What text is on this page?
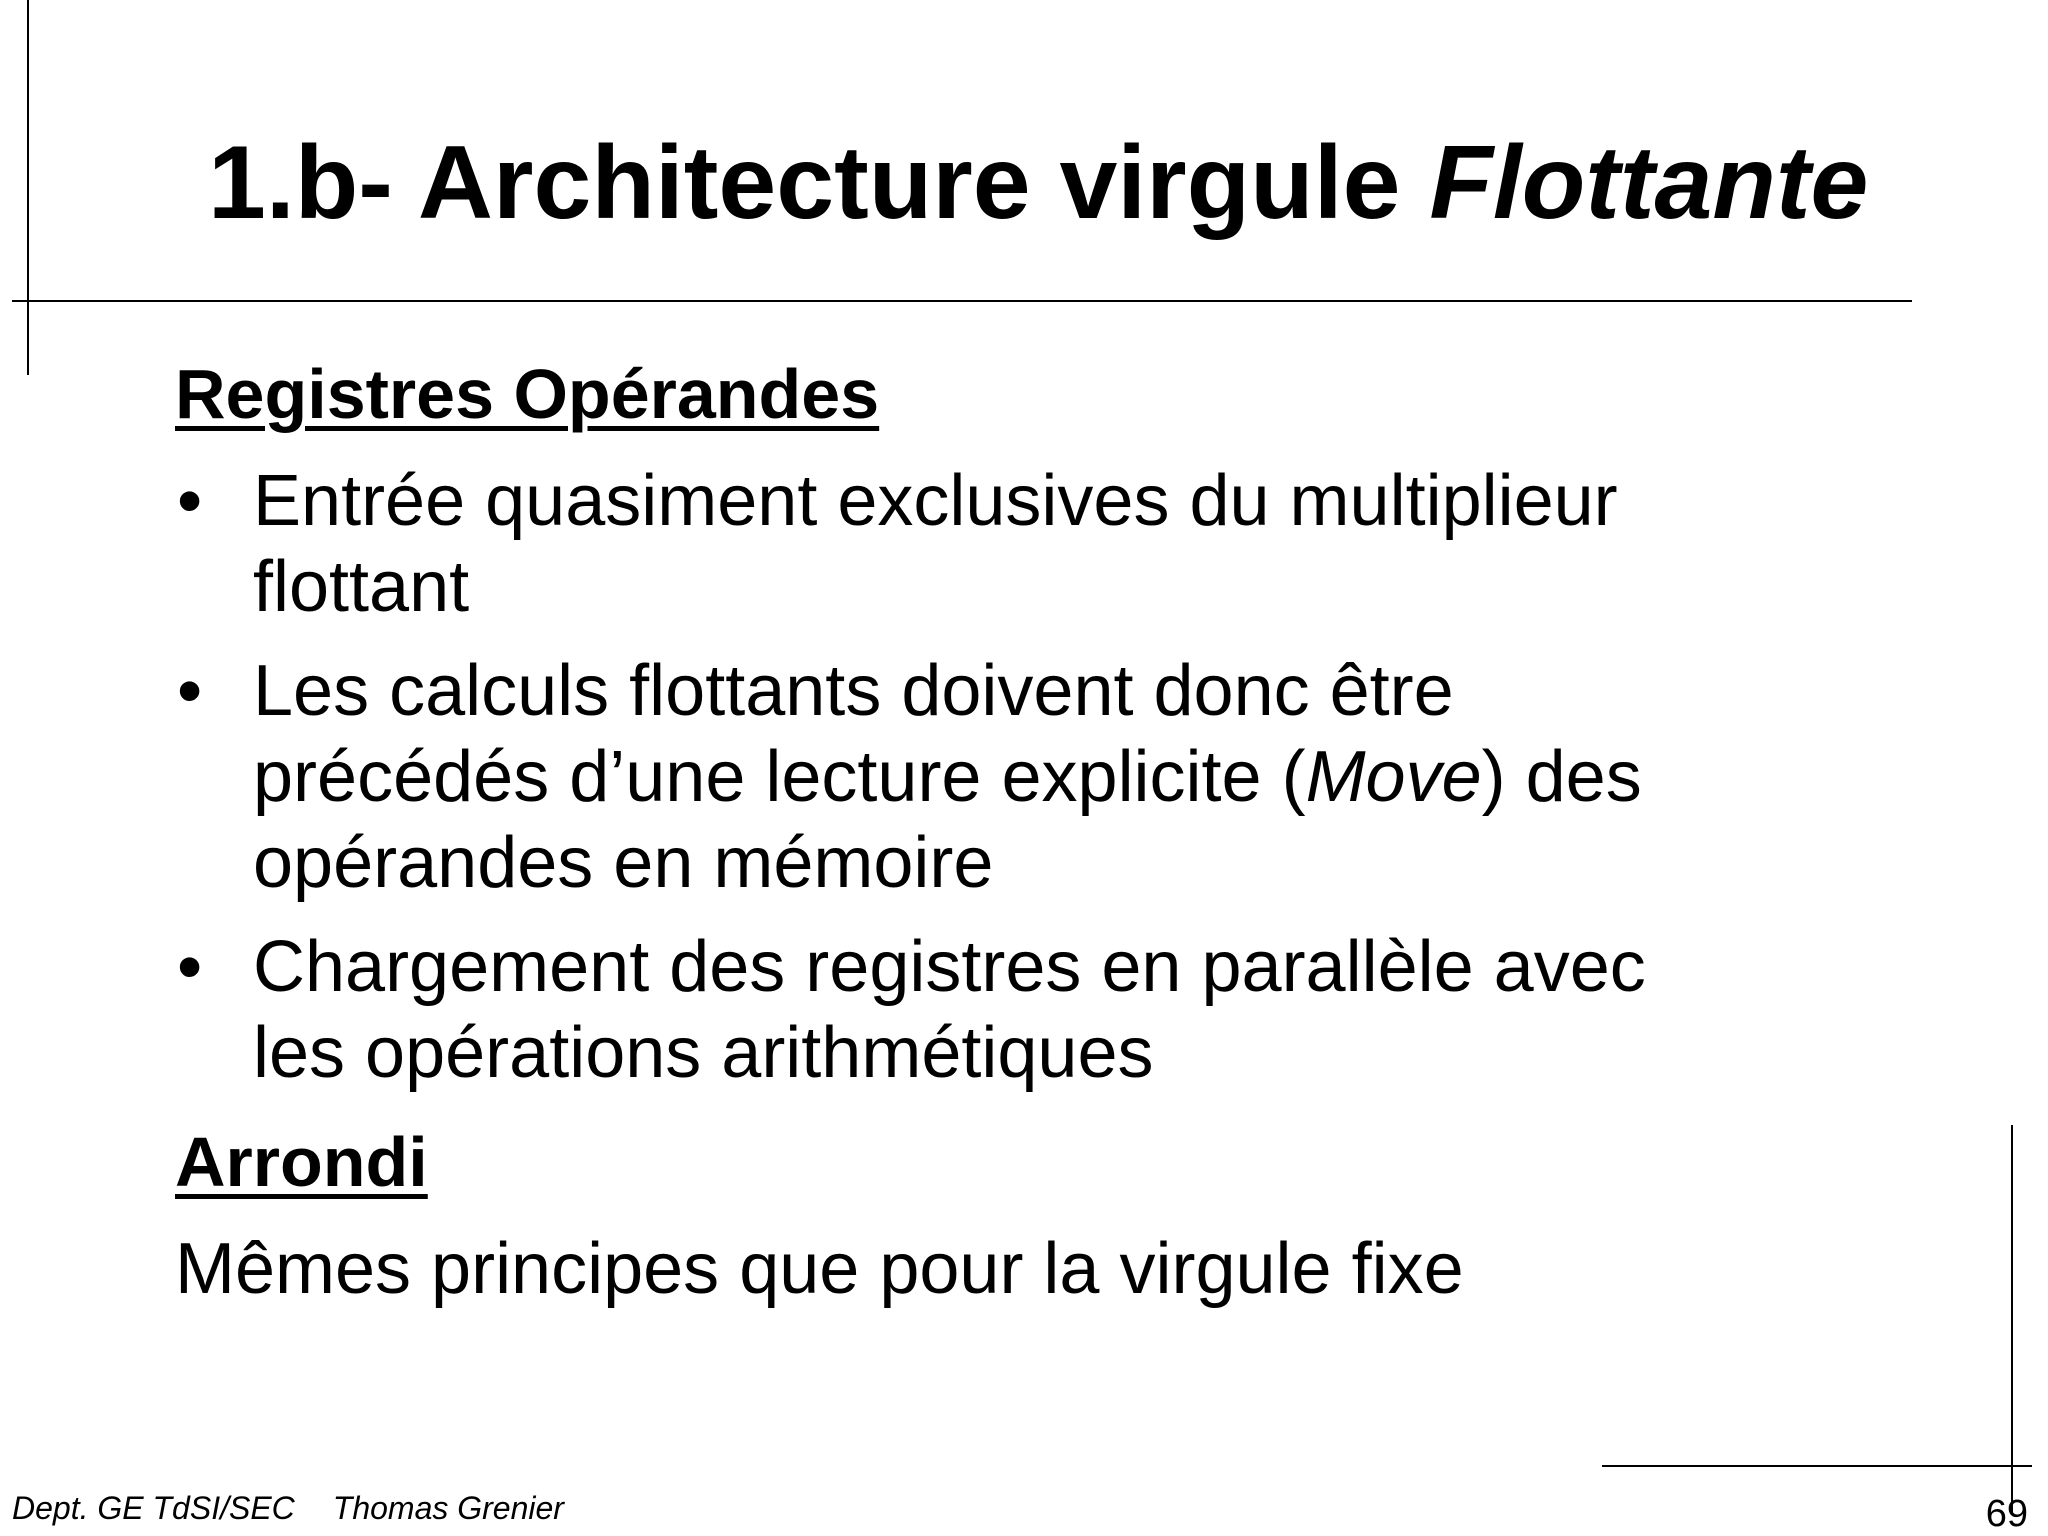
1.b- Architecture virgule Flottante
Registres Opérandes
• Entrée quasiment exclusives du multiplieur
flottant
• Les calculs flottants doivent donc être
précédés d’une lecture explicite (Move) des
opérandes en mémoire
• Chargement des registres en parallèle avec
les opérations arithmétiques
Arrondi

Mêmes principes que pour la virgule fixe

Dept. GE TdSI/SEC Thomas Grenier	69
